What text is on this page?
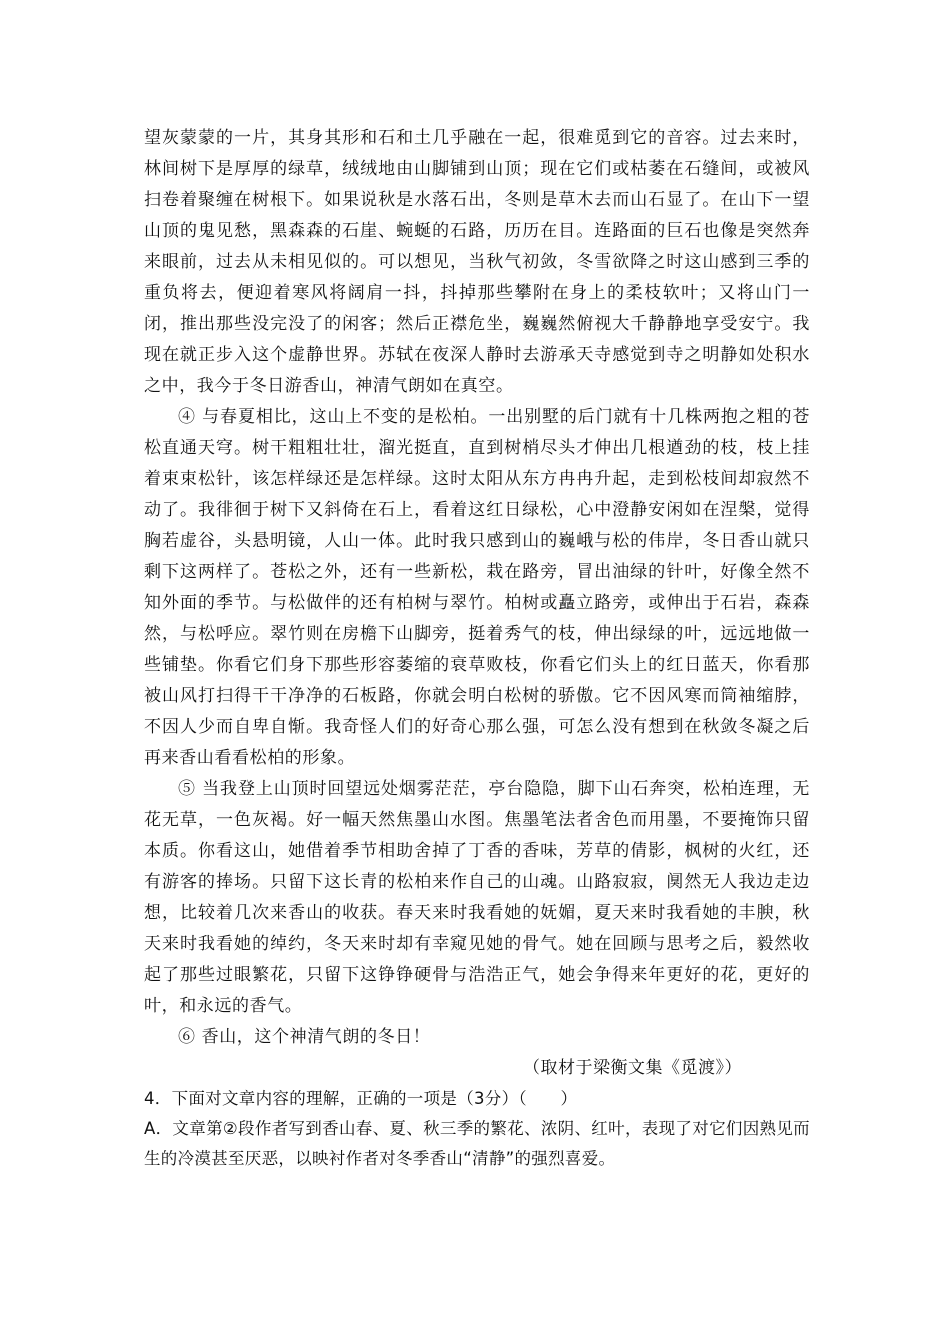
望灰蒙蒙的一片，其身其形和石和土几乎融在一起，很难觅到它的音容。过去来时，林间树下是厚厚的绿草，绒绒地由山脚铺到山顶；现在它们或枯萎在石缝间，或被风扫卷着聚缠在树根下。如果说秋是水落石出，冬则是草木去而山石显了。在山下一望山顶的鬼见愁，黑森森的石崖、蜿蜒的石路，历历在目。连路面的巨石也像是突然奔来眼前，过去从未相见似的。可以想见，当秋气初敛，冬雪欲降之时这山感到三季的重负将去，便迎着寒风将阔肩一抖，抖掉那些攀附在身上的柔枝软叶；又将山门一闭，推出那些没完没了的闲客；然后正襟危坐，巍巍然俯视大千静静地享受安宁。我现在就正步入这个虚静世界。苏轼在夜深人静时去游承天寺感觉到寺之明静如处积水之中，我今于冬日游香山，神清气朗如在真空。

④ 与春夏相比，这山上不变的是松柏。一出别墅的后门就有十几株两抱之粗的苍松直通天穹。树干粗粗壮壮，溜光挺直，直到树梢尽头才伸出几根遒劲的枝，枝上挂着束束松针，该怎样绿还是怎样绿。这时太阳从东方冉冉升起，走到松枝间却寂然不动了。我徘徊于树下又斜倚在石上，看着这红日绿松，心中澄静安闲如在涅槃，觉得胸若虚谷，头悬明镜，人山一体。此时我只感到山的巍峨与松的伟岸，冬日香山就只剩下这两样了。苍松之外，还有一些新松，栽在路旁，冒出油绿的针叶，好像全然不知外面的季节。与松做伴的还有柏树与翠竹。柏树或矗立路旁，或伸出于石岩，森森然，与松呼应。翠竹则在房檐下山脚旁，挺着秀气的枝，伸出绿绿的叶，远远地做一些铺垫。你看它们身下那些形容萎缩的衰草败枝，你看它们头上的红日蓝天，你看那被山风打扫得干干净净的石板路，你就会明白松树的骄傲。它不因风寒而筒袖缩脖，不因人少而自卑自惭。我奇怪人们的好奇心那么强，可怎么没有想到在秋敛冬凝之后再来香山看看松柏的形象。

⑤ 当我登上山顶时回望远处烟雾茫茫，亭台隐隐，脚下山石奔突，松柏连理，无花无草，一色灰褐。好一幅天然焦墨山水图。焦墨笔法者舍色而用墨，不要掩饰只留本质。你看这山，她借着季节相助舍掉了丁香的香味，芳草的倩影，枫树的火红，还有游客的捧场。只留下这长青的松柏来作自己的山魂。山路寂寂，阒然无人我边走边想，比较着几次来香山的收获。春天来时我看她的妩媚，夏天来时我看她的丰腴，秋天来时我看她的绰约，冬天来时却有幸窥见她的骨气。她在回顾与思考之后，毅然收起了那些过眼繁花，只留下这铮铮硬骨与浩浩正气，她会争得来年更好的花，更好的叶，和永远的香气。

⑥ 香山，这个神清气朗的冬日！

（取材于梁衡文集《觅渡》）

4．下面对文章内容的理解，正确的一项是（3分）（　　）

A．文章第②段作者写到香山春、夏、秋三季的繁花、浓阴、红叶，表现了对它们因熟见而生的冷漠甚至厌恶，以映衬作者对冬季香山“清静”的强烈喜爱。
